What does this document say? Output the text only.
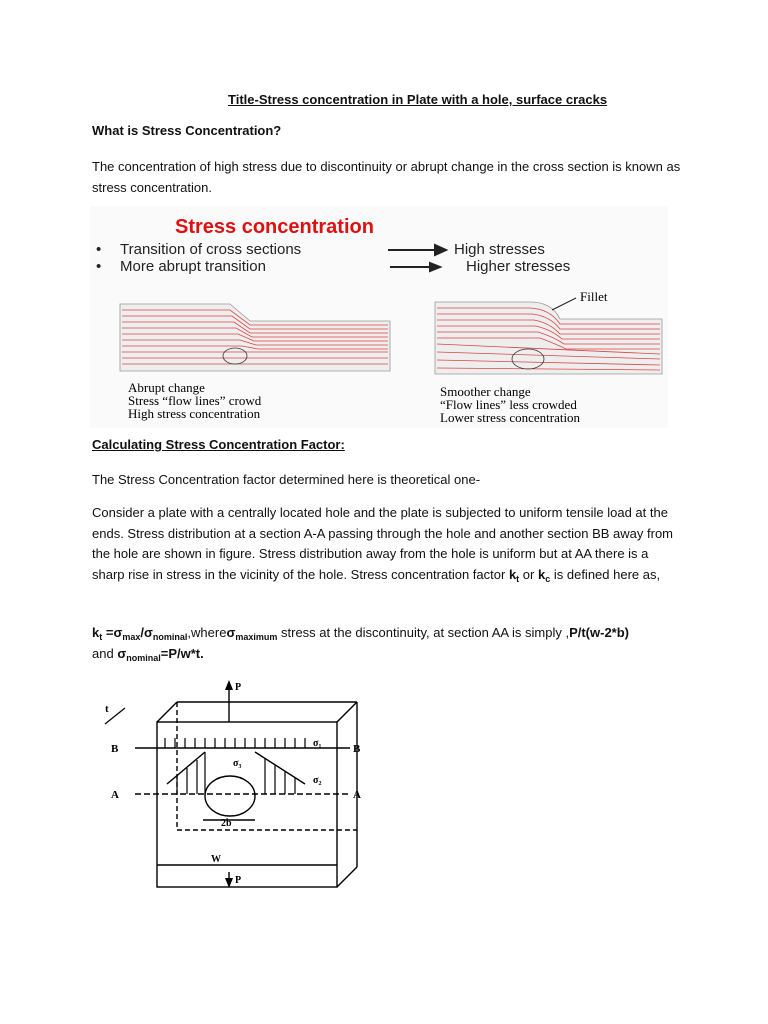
Title-Stress concentration in Plate with a hole, surface cracks
What is Stress Concentration?
The concentration of high stress due to discontinuity or abrupt change in the cross section is known as stress concentration.
Stress concentration
• Transition of cross sections	High stresses
• More abrupt transition	Higher stresses
Abrupt change
Stress “flow lines” crowd
High stress concentration
Fillet
Smoother change
“Flow lines” less crowded
Lower stress concentration
Calculating Stress Concentration Factor:
The Stress Concentration factor determined here is theoretical one-
Consider a plate with a centrally located hole and the plate is subjected to uniform tensile load at the ends. Stress distribution at a section A-A passing through the hole and another section BB away from the hole are shown in figure. Stress distribution away from the hole is uniform but at AA there is a sharp rise in stress in the vicinity of the hole. Stress concentration factor $k_t$ or $k_c$ is defined here as,
$k_t$ $=\sigma_{max}/\sigma_{nominal},where\sigma_{maximum}$ stress at the discontinuity, at section AA is simply ,P/t(w-2*b)
and $\sigma_{nominal}=P/w*t$.
P
P
t
B	B
A	A
σ₁
σ₂
σ₃
2b
W
